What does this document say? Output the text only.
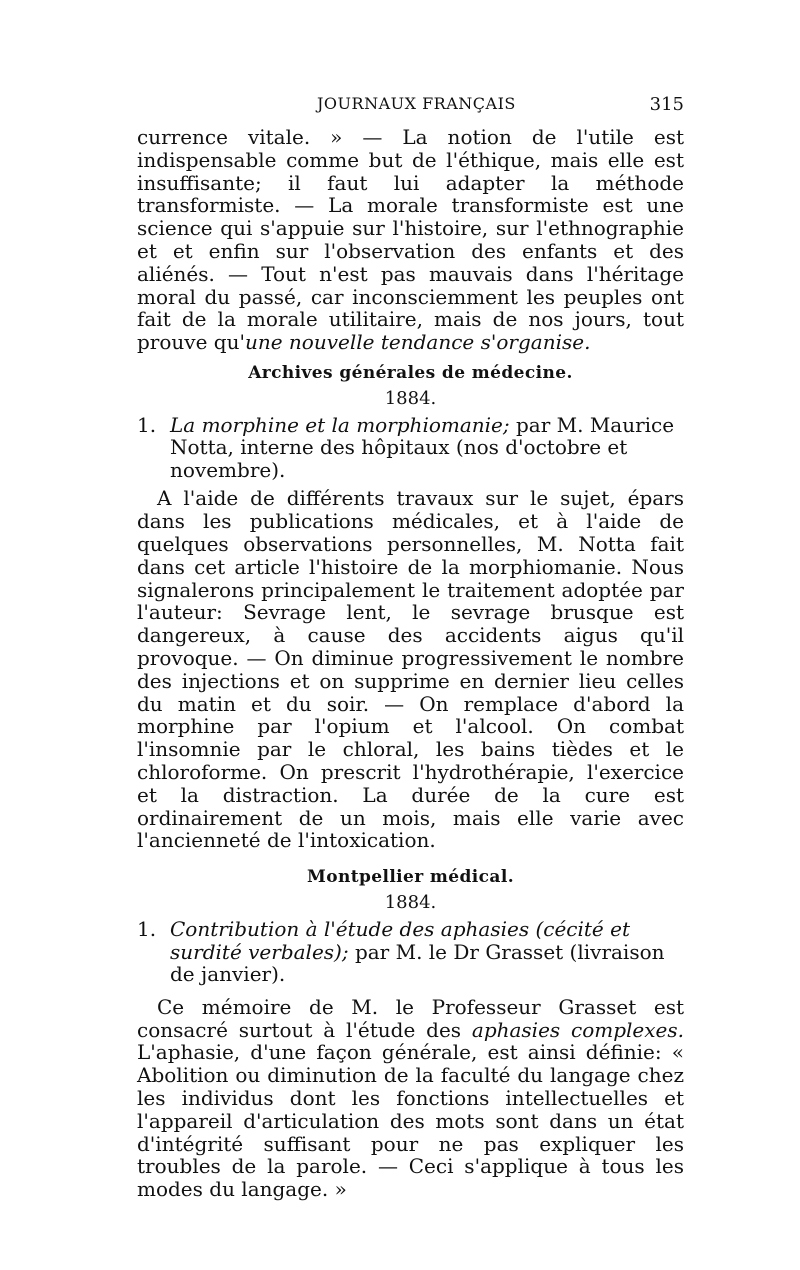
JOURNAUX FRANÇAIS	315

currence vitale. » — La notion de l'utile est indispensable comme but de l'éthique, mais elle est insuffisante; il faut lui adapter la méthode transformiste. — La morale transformiste est une science qui s'appuie sur l'histoire, sur l'ethnographie et et enfin sur l'observation des enfants et des aliénés. — Tout n'est pas mauvais dans l'héritage moral du passé, car inconsciemment les peuples ont fait de la morale utilitaire, mais de nos jours, tout prouve qu'une nouvelle tendance s'organise.

Archives générales de médecine.
1884.
1. La morphine et la morphiomanie; par M. Maurice Notta, interne des hôpitaux (nos d'octobre et novembre).

A l'aide de différents travaux sur le sujet, épars dans les publications médicales, et à l'aide de quelques observations personnelles, M. Notta fait dans cet article l'histoire de la morphiomanie. Nous signalerons principalement le traitement adoptée par l'auteur: Sevrage lent, le sevrage brusque est dangereux, à cause des accidents aigus qu'il provoque. — On diminue progressivement le nombre des injections et on supprime en dernier lieu celles du matin et du soir. — On remplace d'abord la morphine par l'opium et l'alcool. On combat l'insomnie par le chloral, les bains tièdes et le chloroforme. On prescrit l'hydrothérapie, l'exercice et la distraction. La durée de la cure est ordinairement de un mois, mais elle varie avec l'ancienneté de l'intoxication.

Montpellier médical.
1884.
1. Contribution à l'étude des aphasies (cécité et surdité verbales); par M. le Dr Grasset (livraison de janvier).

Ce mémoire de M. le Professeur Grasset est consacré surtout à l'étude des aphasies complexes. L'aphasie, d'une façon générale, est ainsi définie: « Abolition ou diminution de la faculté du langage chez les individus dont les fonctions intellectuelles et l'appareil d'articulation des mots sont dans un état d'intégrité suffisant pour ne pas expliquer les troubles de la parole. — Ceci s'applique à tous les modes du langage. »
